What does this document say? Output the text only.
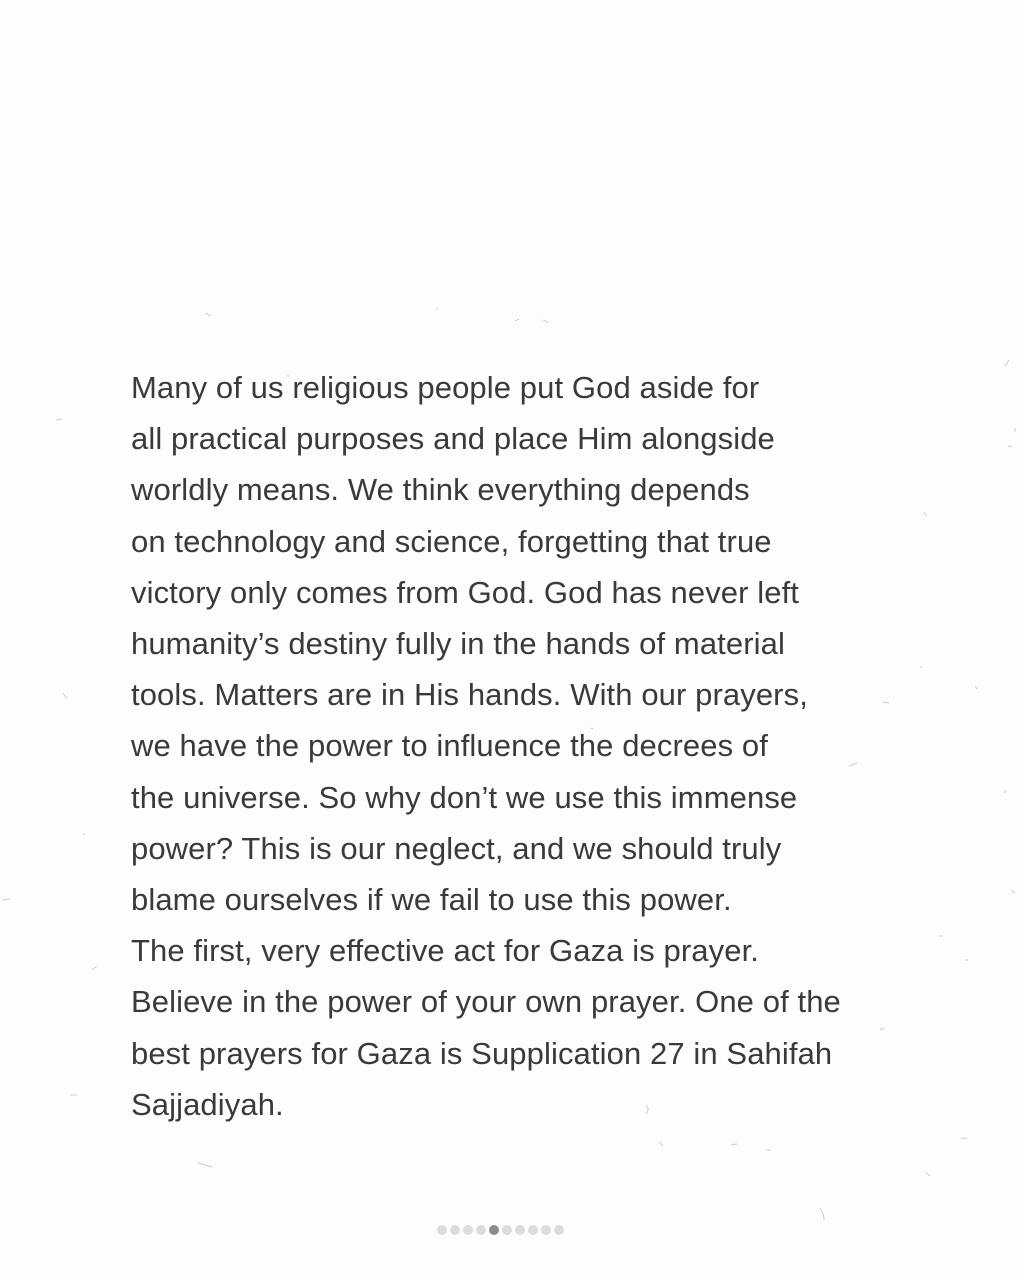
Many of us religious people put God aside for
all practical purposes and place Him alongside
worldly means. We think everything depends
on technology and science, forgetting that true
victory only comes from God. God has never left
humanity’s destiny fully in the hands of material
tools. Matters are in His hands. With our prayers,
we have the power to influence the decrees of
the universe. So why don’t we use this immense
power? This is our neglect, and we should truly
blame ourselves if we fail to use this power.
The first, very effective act for Gaza is prayer.
Believe in the power of your own prayer. One of the
best prayers for Gaza is Supplication 27 in Sahifah
Sajjadiyah.
